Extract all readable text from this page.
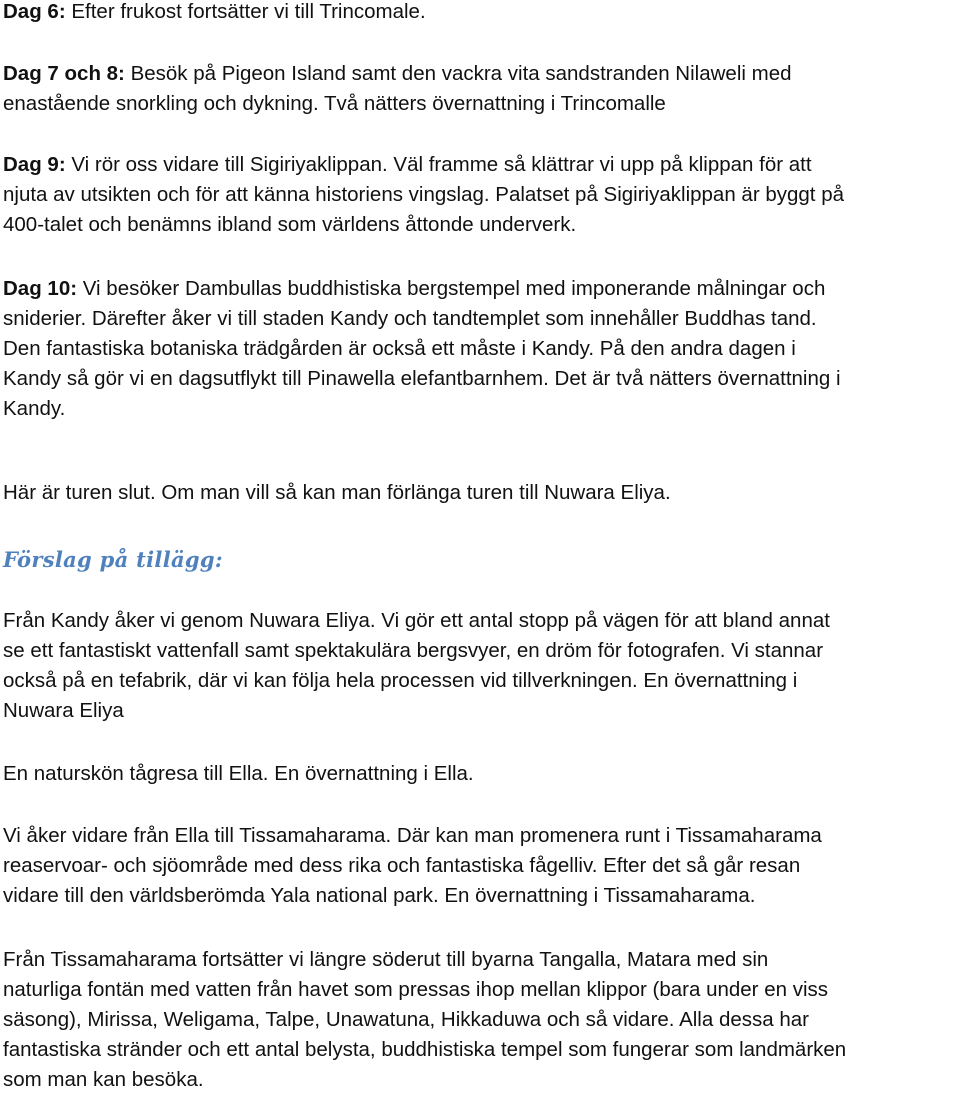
Dag 6: Efter frukost fortsätter vi till Trincomale.

Dag 7 och 8: Besök på Pigeon Island samt den vackra vita sandstranden Nilaweli med
enastående snorkling och dykning. Två nätters övernattning i Trincomalle

Dag 9: Vi rör oss vidare till Sigiriyaklippan. Väl framme så klättrar vi upp på klippan för att
njuta av utsikten och för att känna historiens vingslag. Palatset på Sigiriyaklippan är byggt på
400-talet och benämns ibland som världens åttonde underverk.

Dag 10: Vi besöker Dambullas buddhistiska bergstempel med imponerande målningar och
sniderier. Därefter åker vi till staden Kandy och tandtemplet som innehåller Buddhas tand.
Den fantastiska botaniska trädgården är också ett måste i Kandy. På den andra dagen i
Kandy så gör vi en dagsutflykt till Pinawella elefantbarnhem. Det är två nätters övernattning i
Kandy.

Här är turen slut. Om man vill så kan man förlänga turen till Nuwara Eliya.

Förslag på tillägg:

Från Kandy åker vi genom Nuwara Eliya. Vi gör ett antal stopp på vägen för att bland annat
se ett fantastiskt vattenfall samt spektakulära bergsvyer, en dröm för fotografen. Vi stannar
också på en tefabrik, där vi kan följa hela processen vid tillverkningen. En övernattning i
Nuwara Eliya

En naturskön tågresa till Ella. En övernattning i Ella.

Vi åker vidare från Ella till Tissamaharama. Där kan man promenera runt i Tissamaharama
reaservoar- och sjöområde med dess rika och fantastiska fågelliv. Efter det så går resan
vidare till den världsberömda Yala national park. En övernattning i Tissamaharama.

Från Tissamaharama fortsätter vi längre söderut till byarna Tangalla, Matara med sin
naturliga fontän med vatten från havet som pressas ihop mellan klippor (bara under en viss
säsong), Mirissa, Weligama, Talpe, Unawatuna, Hikkaduwa och så vidare. Alla dessa har
fantastiska stränder och ett antal belysta, buddhistiska tempel som fungerar som landmärken
som man kan besöka.
